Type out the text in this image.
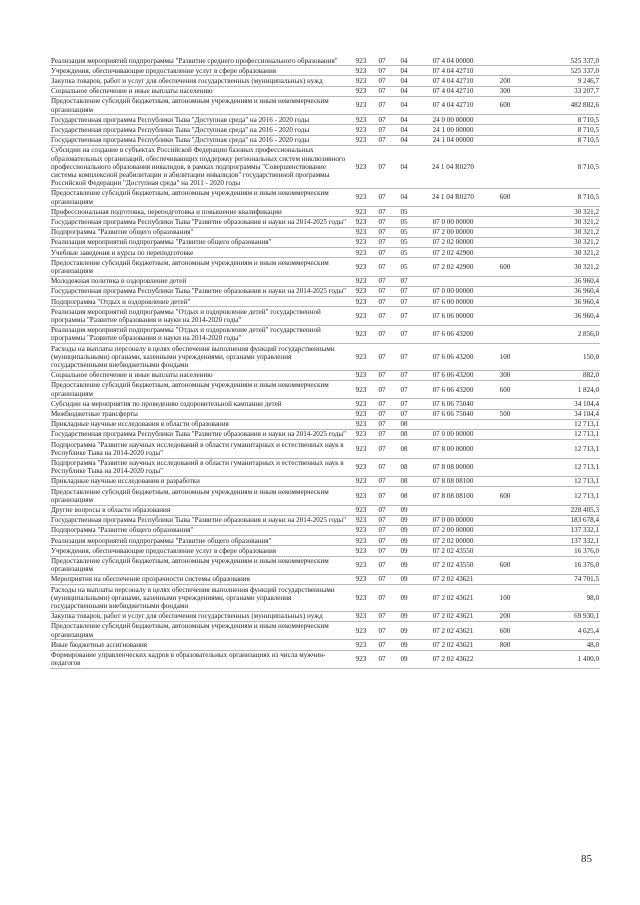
Реализация мероприятий подпрограммы "Развитие среднего профессионального образования"	923	07	04	07 4 04 00000		525 337,0
Учреждения, обеспечивающие предоставление услуг в сфере образования	923	07	04	07 4 04 42710		525 337,0
Закупка товаров, работ и услуг для обеспечения государственных (муниципальных) нужд	923	07	04	07 4 04 42710	200	9 246,7
Социальное обеспечение и иные выплаты населению	923	07	04	07 4 04 42710	300	33 207,7
Предоставление субсидий бюджетным, автономным учреждениям и иным некоммерческим организациям	923	07	04	07 4 04 42710	600	482 882,6
Государственная программа Республики Тыва "Доступная среда" на 2016 - 2020 годы	923	07	04	24 0 00 00000		8 710,5
Государственная программа Республики Тыва "Доступная среда" на 2016 - 2020 годы	923	07	04	24 1 00 00000		8 710,5
Государственная программа Республики Тыва "Доступная среда" на 2016 - 2020 годы	923	07	04	24 1 04 00000		8 710,5
Субсидии на создание в субъектах Российской Федерации базовых профессиональных образовательных организаций, обеспечивающих поддержку региональных систем инклюзивного профессионального образования инвалидов, в рамках подпрограммы "Совершенствование системы комплексной реабилитации и абилитации инвалидов" государственной программы Российской Федерации "Доступная среда" на 2011 - 2020 годы	923	07	04	24 1 04 R0270		8 710,5
Предоставление субсидий бюджетным, автономным учреждениям и иным некоммерческим организациям	923	07	04	24 1 04 R0270	600	8 710,5
Профессиональная подготовка, переподготовка и повышение квалификации	923	07	05			30 321,2
Государственная программа Республики Тыва "Развитие образования и науки на 2014-2025 годы"	923	07	05	07 0 00 00000		30 321,2
Подпрограмма "Развитие общего образования"	923	07	05	07 2 00 00000		30 321,2
Реализация мероприятий подпрограммы "Развитие общего образования"	923	07	05	07 2 02 00000		30 321,2
Учебные заведения и курсы по переподготовке	923	07	05	07 2 02 42900		30 321,2
Предоставление субсидий бюджетным, автономным учреждениям и иным некоммерческим организациям	923	07	05	07 2 02 42900	600	30 321,2
Молодежная политика и оздоровление детей	923	07	07			36 960,4
Государственная программа Республики Тыва "Развитие образования и науки на 2014-2025 годы"	923	07	07	07 0 00 00000		36 960,4
Подпрограмма "Отдых и оздоровление детей"	923	07	07	07 6 00 00000		36 960,4
Реализация мероприятий подпрограммы "Отдых и оздоровление детей" государственной программы "Развитие образования и науки на 2014-2020 годы"	923	07	07	07 6 06 00000		36 960,4
Реализация мероприятий подпрограммы "Отдых и оздоровление детей" государственной программы "Развитие образования и науки на 2014-2020 годы"	923	07	07	07 6 06 43200		2 856,0
Расходы на выплаты персоналу в целях обеспечения выполнения функций государственными (муниципальными) органами, казенными учреждениями, органами управления государственными внебюджетными фондами	923	07	07	07 6 06 43200	100	150,0
Социальное обеспечение и иные выплаты населению	923	07	07	07 6 06 43200	300	882,0
Предоставление субсидий бюджетным, автономным учреждениям и иным некоммерческим организациям	923	07	07	07 6 06 43200	600	1 824,0
Субсидии на мероприятия по проведению оздоровительной кампании детей	923	07	07	07 6 06 75040		34 104,4
Межбюджетные трансферты	923	07	07	07 6 06 75040	500	34 104,4
Прикладные научные исследования в области образования	923	07	08			12 713,1
Государственная программа Республики Тыва "Развитие образования и науки на 2014-2025 годы"	923	07	08	07 0 00 00000		12 713,1
Подпрограмма "Развитие научных исследований в области гуманитарных и естественных наук в Республике Тыва на 2014-2020 годы"	923	07	08	07 8 00 00000		12 713,1
Подпрограмма "Развитие научных исследований в области гуманитарных и естественных наук в Республике Тыва на 2014-2020 годы"	923	07	08	07 8 08 00000		12 713,1
Прикладные научные исследования и разработки	923	07	08	07 8 08 08100		12 713,1
Предоставление субсидий бюджетным, автономным учреждениям и иным некоммерческим организациям	923	07	08	07 8 08 08100	600	12 713,1
Другие вопросы в области образования	923	07	09			228 405,3
Государственная программа Республики Тыва "Развитие образования и науки на 2014-2025 годы"	923	07	09	07 0 00 00000		183 678,4
Подпрограмма "Развитие общего образования"	923	07	09	07 2 00 00000		137 332,1
Реализация мероприятий подпрограммы "Развитие общего образования"	923	07	09	07 2 02 00000		137 332,1
Учреждения, обеспечивающие предоставление услуг в сфере образования	923	07	09	07 2 02 43550		16 376,0
Предоставление субсидий бюджетным, автономным учреждениям и иным некоммерческим организациям	923	07	09	07 2 02 43550	600	16 376,0
Мероприятия на обеспечение прозрачности системы образования	923	07	09	07 2 02 43621		74 701,5
Расходы на выплаты персоналу в целях обеспечения выполнения функций государственными (муниципальными) органами, казенными учреждениями, органами управления государственными внебюджетными фондами	923	07	09	07 2 02 43621	100	98,0
Закупка товаров, работ и услуг для обеспечения государственных (муниципальных) нужд	923	07	09	07 2 02 43621	200	69 930,1
Предоставление субсидий бюджетным, автономным учреждениям и иным некоммерческим организациям	923	07	09	07 2 02 43621	600	4 625,4
Иные бюджетные ассигнования	923	07	09	07 2 02 43621	800	48,0
Формирование управленческих кадров в образовательных организациях из числа мужчин-педагогов	923	07	09	07 2 02 43622		1 400,0
85
